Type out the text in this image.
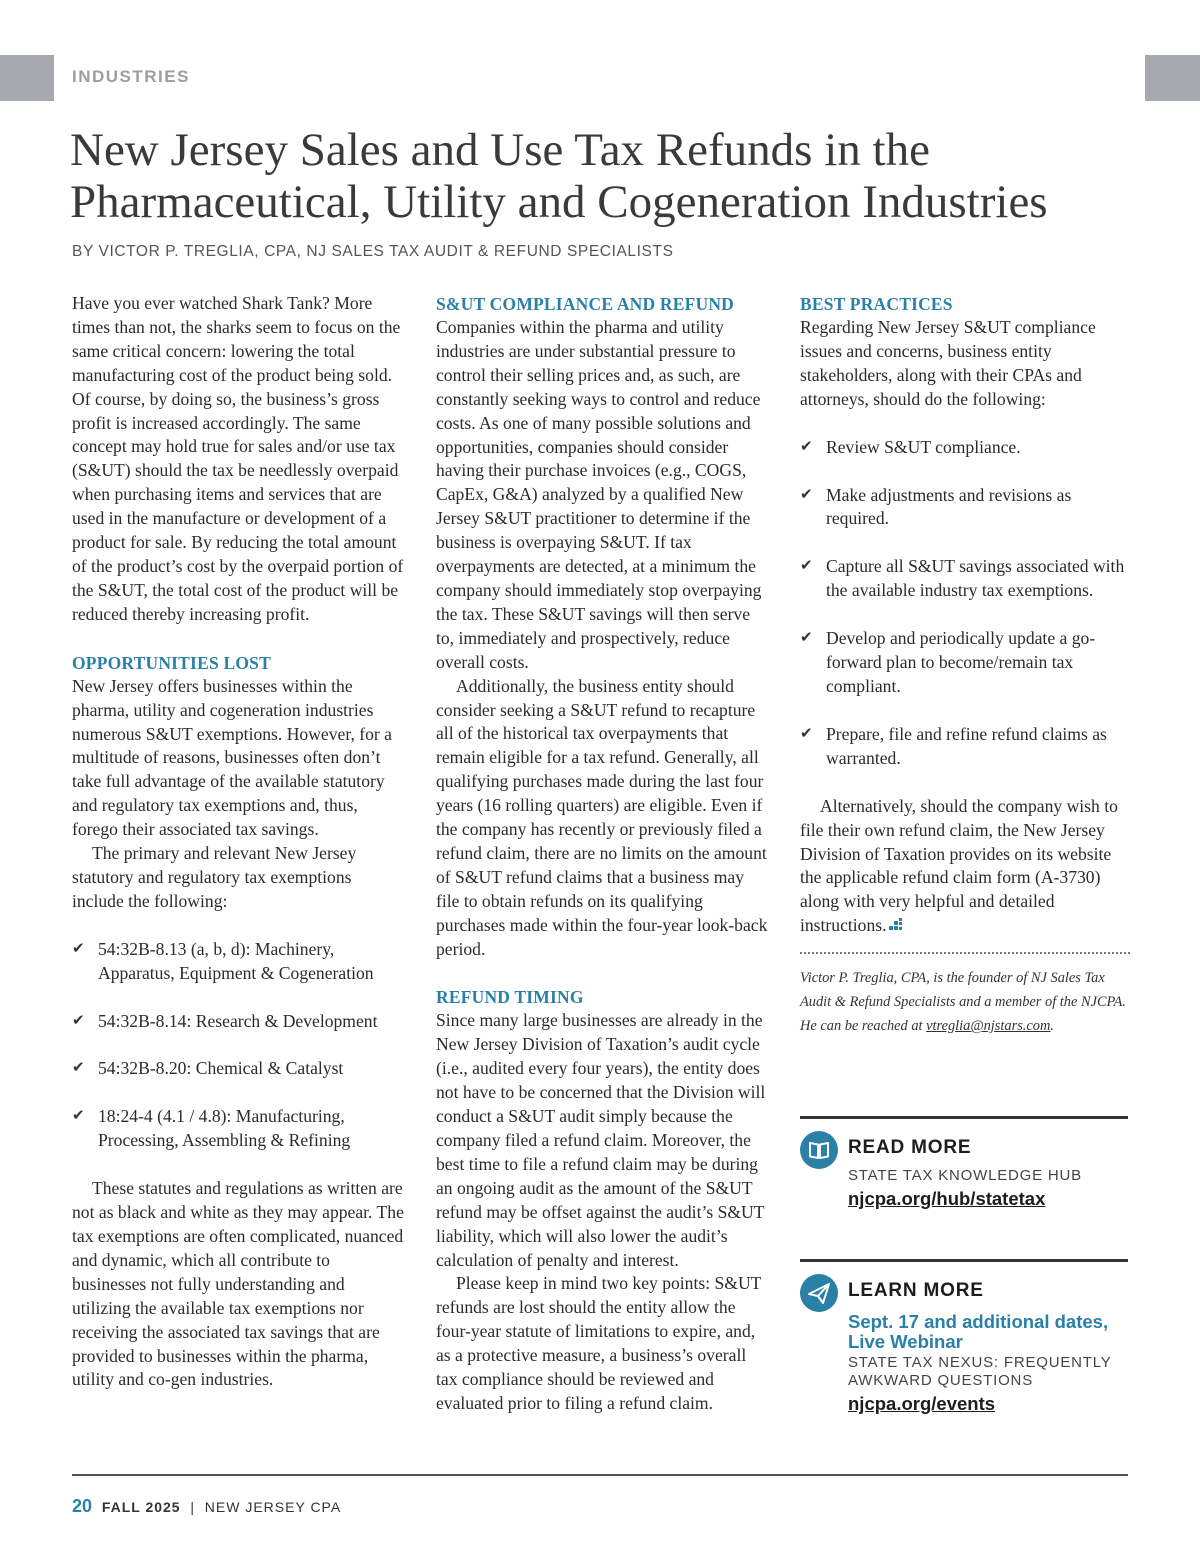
INDUSTRIES
New Jersey Sales and Use Tax Refunds in the
Pharmaceutical, Utility and Cogeneration Industries
BY VICTOR P. TREGLIA, CPA, NJ SALES TAX AUDIT & REFUND SPECIALISTS

Have you ever watched Shark Tank? More times than not, the sharks seem to focus on the same critical concern: lowering the total manufacturing cost of the product being sold. Of course, by doing so, the business’s gross profit is increased accordingly. The same concept may hold true for sales and/or use tax (S&UT) should the tax be needlessly overpaid when purchasing items and services that are used in the manufacture or development of a product for sale. By reducing the total amount of the product’s cost by the overpaid portion of the S&UT, the total cost of the product will be reduced thereby increasing profit.

OPPORTUNITIES LOST

New Jersey offers businesses within the pharma, utility and cogeneration industries numerous S&UT exemptions. However, for a multitude of reasons, businesses often don’t take full advantage of the available statutory and regulatory tax exemptions and, thus, forego their associated tax savings.

The primary and relevant New Jersey statutory and regulatory tax exemptions include the following:

✔ 54:32B-8.13 (a, b, d): Machinery, Apparatus, Equipment & Cogeneration
✔ 54:32B-8.14: Research & Development
✔ 54:32B-8.20: Chemical & Catalyst
✔ 18:24-4 (4.1 / 4.8): Manufacturing, Processing, Assembling & Refining

These statutes and regulations as written are not as black and white as they may appear. The tax exemptions are often complicated, nuanced and dynamic, which all contribute to businesses not fully understanding and utilizing the available tax exemptions nor receiving the associated tax savings that are provided to businesses within the pharma, utility and co-gen industries.

S&UT COMPLIANCE AND REFUND

Companies within the pharma and utility industries are under substantial pressure to control their selling prices and, as such, are constantly seeking ways to control and reduce costs. As one of many possible solutions and opportunities, companies should consider having their purchase invoices (e.g., COGS, CapEx, G&A) analyzed by a qualified New Jersey S&UT practitioner to determine if the business is overpaying S&UT. If tax overpayments are detected, at a minimum the company should immediately stop overpaying the tax. These S&UT savings will then serve to, immediately and prospectively, reduce overall costs.

Additionally, the business entity should consider seeking a S&UT refund to recapture all of the historical tax overpayments that remain eligible for a tax refund. Generally, all qualifying purchases made during the last four years (16 rolling quarters) are eligible. Even if the company has recently or previously filed a refund claim, there are no limits on the amount of S&UT refund claims that a business may file to obtain refunds on its qualifying purchases made within the four-year look-back period.

REFUND TIMING

Since many large businesses are already in the New Jersey Division of Taxation’s audit cycle (i.e., audited every four years), the entity does not have to be concerned that the Division will conduct a S&UT audit simply because the company filed a refund claim. Moreover, the best time to file a refund claim may be during an ongoing audit as the amount of the S&UT refund may be offset against the audit’s S&UT liability, which will also lower the audit’s calculation of penalty and interest.

Please keep in mind two key points: S&UT refunds are lost should the entity allow the four-year statute of limitations to expire, and, as a protective measure, a business’s overall tax compliance should be reviewed and evaluated prior to filing a refund claim.

BEST PRACTICES

Regarding New Jersey S&UT compliance issues and concerns, business entity stakeholders, along with their CPAs and attorneys, should do the following:

✔ Review S&UT compliance.
✔ Make adjustments and revisions as required.
✔ Capture all S&UT savings associated with the available industry tax exemptions.
✔ Develop and periodically update a go-forward plan to become/remain tax compliant.
✔ Prepare, file and refine refund claims as warranted.

Alternatively, should the company wish to file their own refund claim, the New Jersey Division of Taxation provides on its website the applicable refund claim form (A-3730) along with very helpful and detailed instructions.

Victor P. Treglia, CPA, is the founder of NJ Sales Tax Audit & Refund Specialists and a member of the NJCPA. He can be reached at vtreglia@njstars.com.

READ MORE
STATE TAX KNOWLEDGE HUB
njcpa.org/hub/statetax
LEARN MORE
Sept. 17 and additional dates, Live Webinar
STATE TAX NEXUS: FREQUENTLY AWKWARD QUESTIONS
njcpa.org/events
20 FALL 2025 | NEW JERSEY CPA
